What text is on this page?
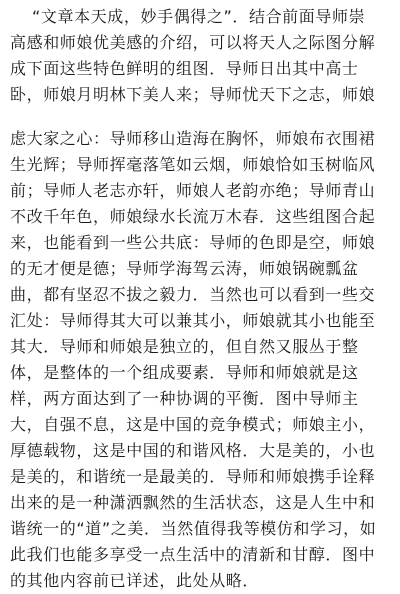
“文章本天成，妙手偶得之”．结合前面导师崇
高感和师娘优美感的介绍，可以将天人之际图分解
成下面这些特色鲜明的组图．导师日出其中高士
卧，师娘月明林下美人来；导师忧天下之志，师娘
虑大家之心：导师移山造海在胸怀，师娘布衣围裙
生光辉；导师挥毫落笔如云烟，师娘恰如玉树临风
前；导师人老志亦轩，师娘人老韵亦绝；导师青山
不改千年色，师娘绿水长流万木春．这些组图合起
来，也能看到一些公共底：导师的色即是空，师娘
的无才便是德；导师学海驾云涛，师娘锅碗瓢盆
曲，都有坚忍不拔之毅力．当然也可以看到一些交
汇处：导师得其大可以兼其小，师娘就其小也能至
其大．导师和师娘是独立的，但自然又服丛于整
体，是整体的一个组成要素．导师和师娘就是这
样，两方面达到了一种协调的平衡．图中导师主
大，自强不息，这是中国的竞争模式；师娘主小，
厚德载物，这是中国的和谐风格．大是美的，小也
是美的，和谐统一是最美的．导师和师娘携手诠释
出来的是一种潇洒飘然的生活状态，这是人生中和
谐统一的“道”之美．当然值得我等模仿和学习，如
此我们也能多享受一点生活中的清新和甘醇．图中
的其他内容前已详述，此处从略．
